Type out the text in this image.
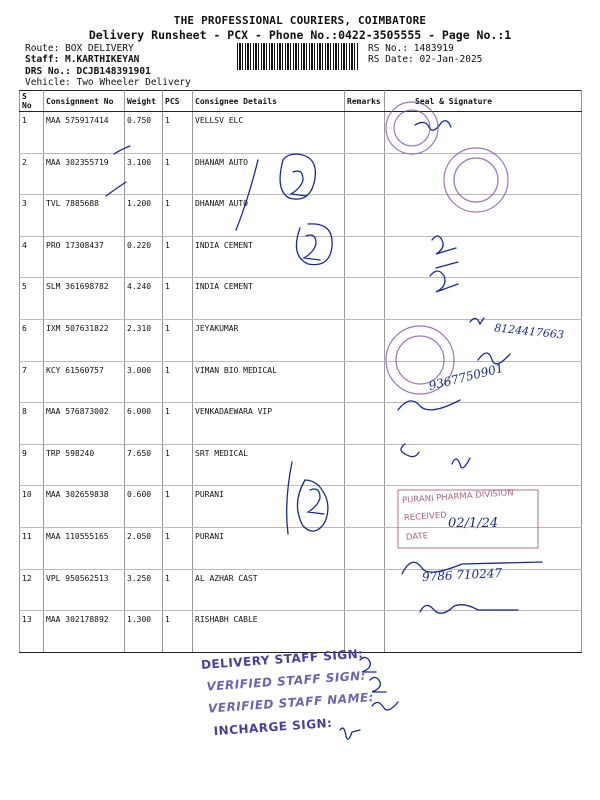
THE PROFESSIONAL COURIERS, COIMBATORE
Delivery Runsheet - PCX - Phone No.:0422-3505555 - Page No.:1
Route: BOX DELIVERY
Staff: M.KARTHIKEYAN
DRS No.: DCJB148391901
Vehicle: Two Wheeler Delivery
RS No.: 1483919
RS Date: 02-Jan-2025
S No	Consignment No	Weight	PCS	Consignee Details	Remarks	Seal & Signature
1	MAA 575917414	0.750	1	VELLSV ELC		
2	MAA 302355719	3.100	1	DHANAM AUTO		
3	TVL 7885688	1.200	1	DHANAM AUTO		
4	PRO 17308437	0.220	1	INDIA CEMENT		
5	SLM 361698782	4.240	1	INDIA CEMENT		
6	IXM 507631822	2.310	1	JEYAKUMAR		
7	KCY 61560757	3.000	1	VIMAN BIO MEDICAL		
8	MAA 576873002	6.000	1	VENKADAEWARA VIP		
9	TRP 598240	7.650	1	SRT MEDICAL		
10	MAA 302659838	0.600	1	PURANI		
11	MAA 110555165	2.050	1	PURANI		
12	VPL 950562513	3.250	1	AL AZHAR CAST		
13	MAA 302178892	1.300	1	RISHABH CABLE		
8124417663
9367750901
02/1/24
9786 710247
PURANI PHARMA DIVISION
RECEIVED
DATE
DELIVERY STAFF SIGN:
VERIFIED STAFF SIGN:
VERIFIED STAFF NAME:
INCHARGE SIGN:
